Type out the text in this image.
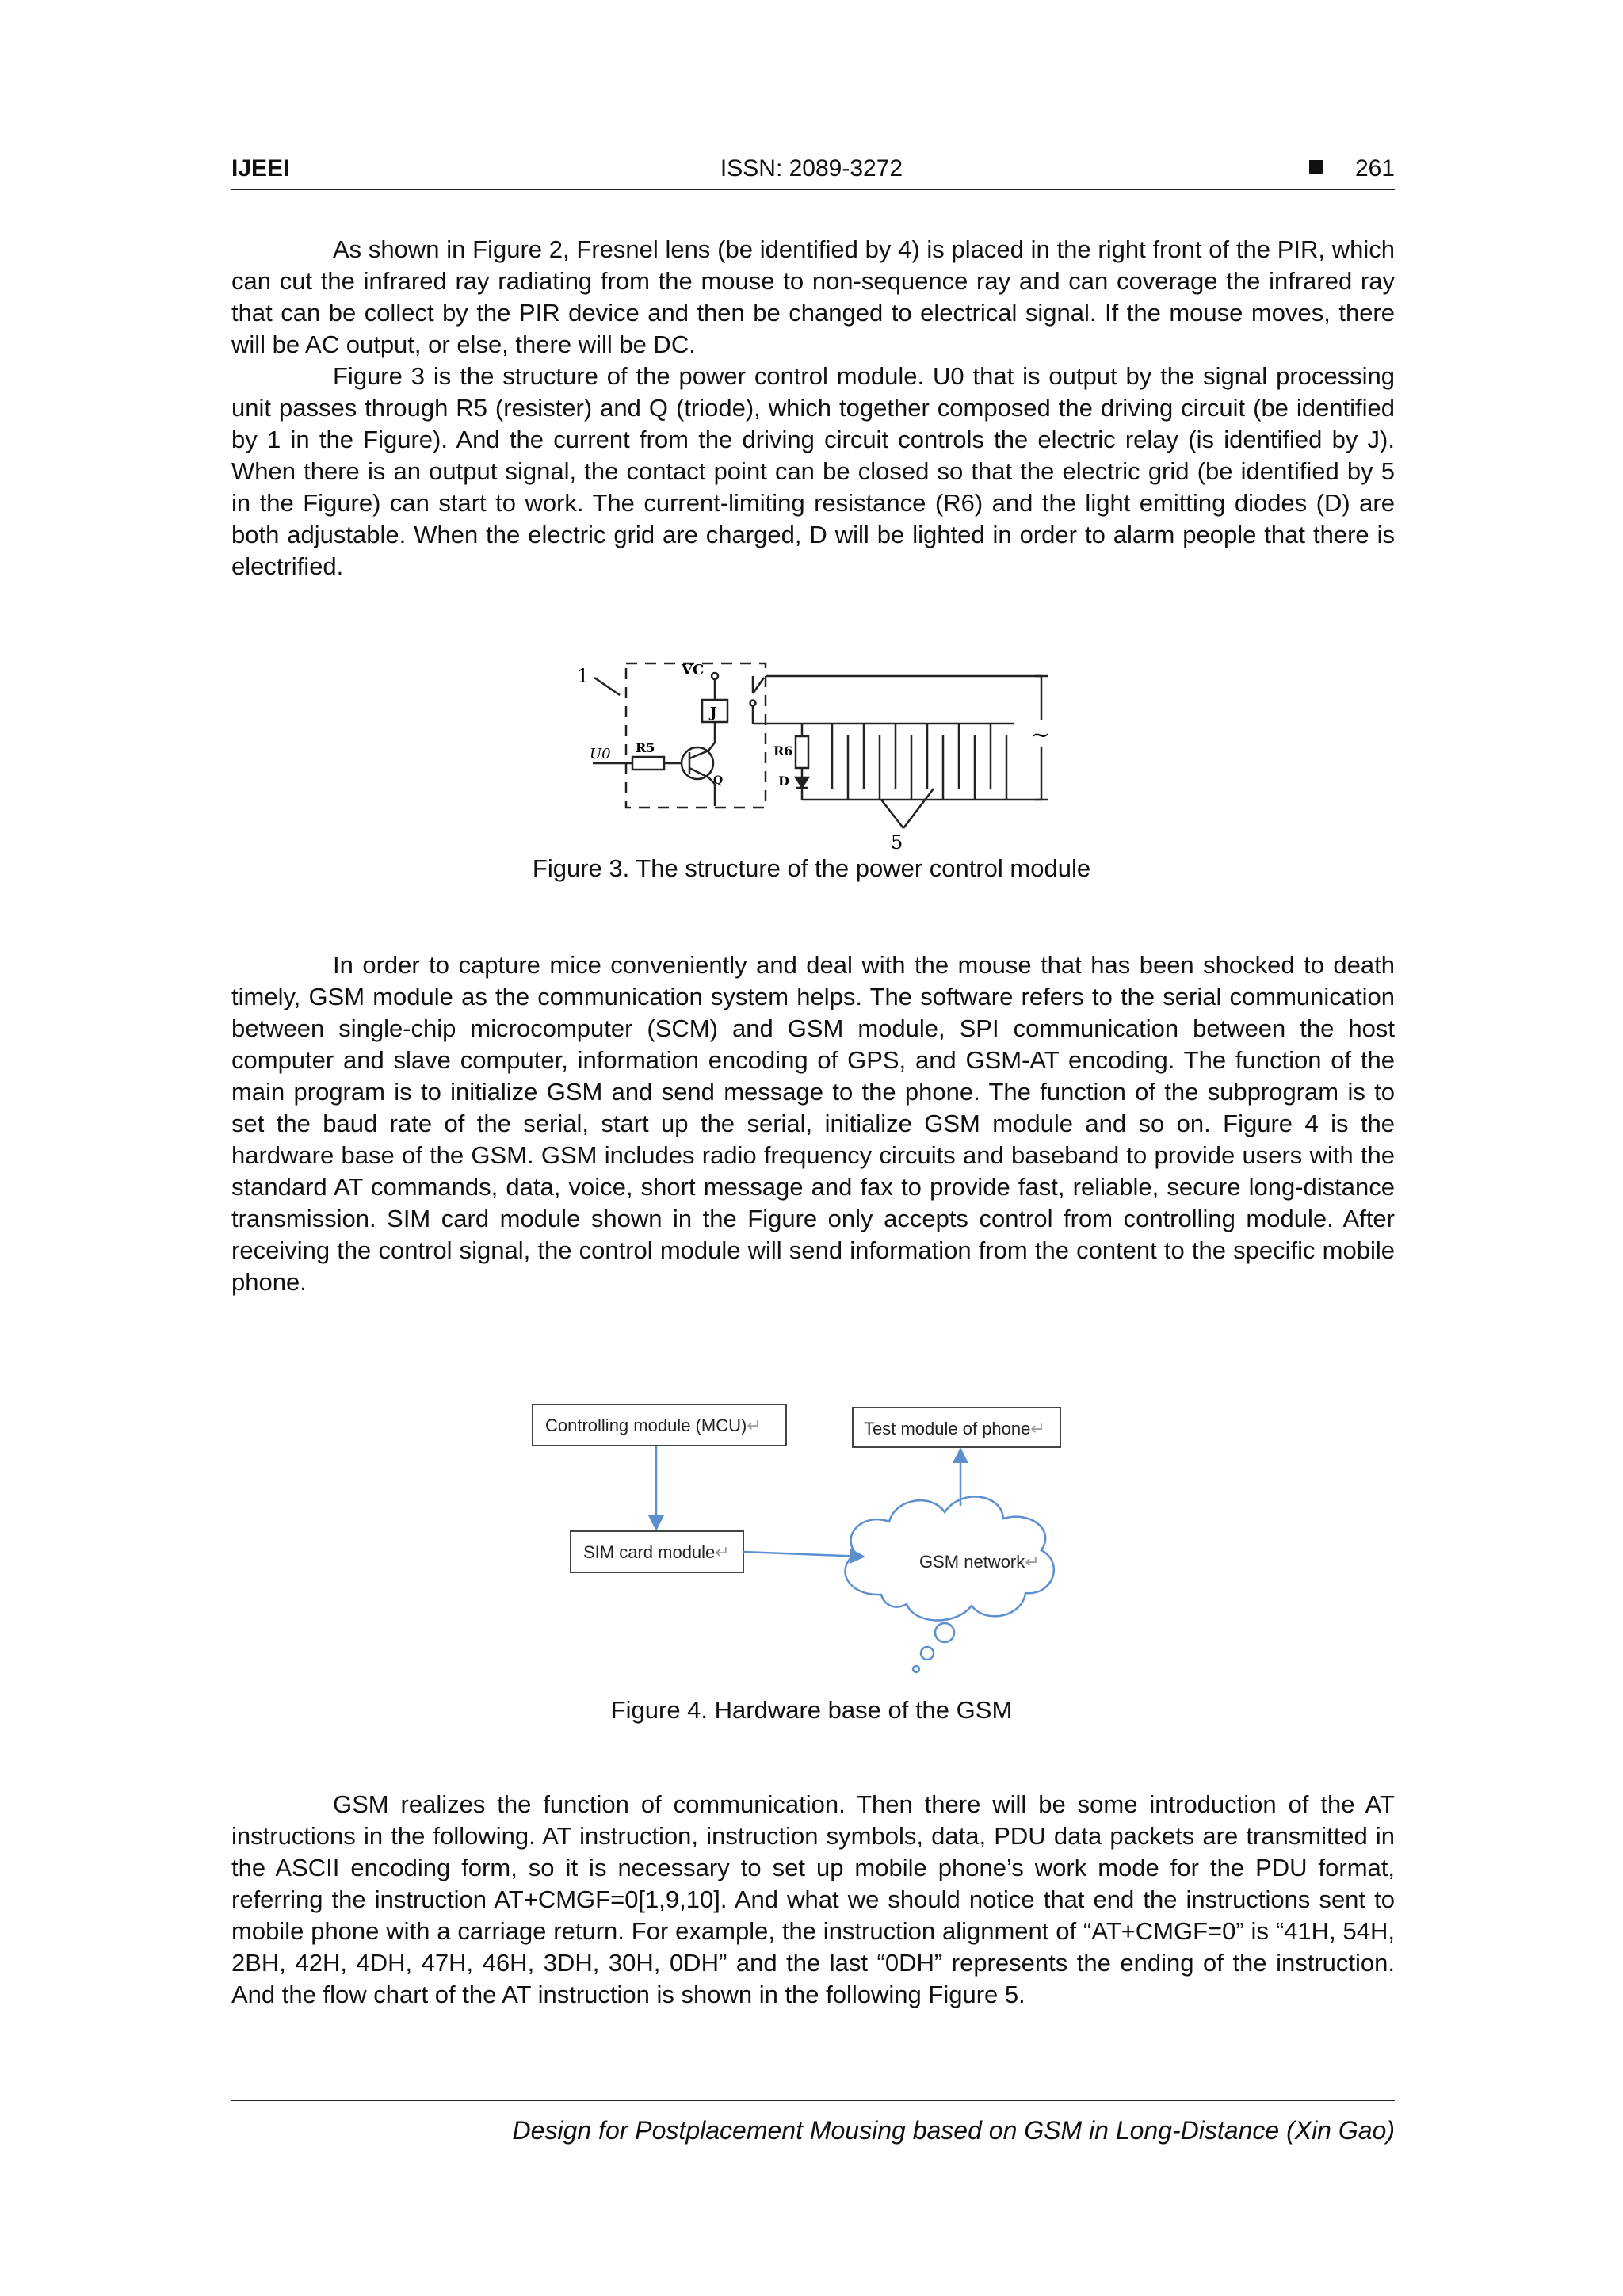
IJEEI	ISSN: 2089-3272	261

As shown in Figure 2, Fresnel lens (be identified by 4) is placed in the right front of the PIR, which can cut the infrared ray radiating from the mouse to non-sequence ray and can coverage the infrared ray that can be collect by the PIR device and then be changed to electrical signal. If the mouse moves, there will be AC output, or else, there will be DC.

Figure 3 is the structure of the power control module. U0 that is output by the signal processing unit passes through R5 (resister) and Q (triode), which together composed the driving circuit (be identified by 1 in the Figure). And the current from the driving circuit controls the electric relay (is identified by J). When there is an output signal, the contact point can be closed so that the electric grid (be identified by 5 in the Figure) can start to work. The current-limiting resistance (R6) and the light emitting diodes (D) are both adjustable. When the electric grid are charged, D will be lighted in order to alarm people that there is electrified.

1	VC
J
U0 R5
Q
R6
D
5
~
Figure 3. The structure of the power control module

In order to capture mice conveniently and deal with the mouse that has been shocked to death timely, GSM module as the communication system helps. The software refers to the serial communication between single-chip microcomputer (SCM) and GSM module, SPI communication between the host computer and slave computer, information encoding of GPS, and GSM-AT encoding. The function of the main program is to initialize GSM and send message to the phone. The function of the subprogram is to set the baud rate of the serial, start up the serial, initialize GSM module and so on. Figure 4 is the hardware base of the GSM. GSM includes radio frequency circuits and baseband to provide users with the standard AT commands, data, voice, short message and fax to provide fast, reliable, secure long-distance transmission. SIM card module shown in the Figure only accepts control from controlling module. After receiving the control signal, the control module will send information from the content to the specific mobile phone.

Controlling module (MCU)↵	Test module of phone↵
SIM card module↵	GSM network↵
Figure 4. Hardware base of the GSM

GSM realizes the function of communication. Then there will be some introduction of the AT instructions in the following. AT instruction, instruction symbols, data, PDU data packets are transmitted in the ASCII encoding form, so it is necessary to set up mobile phone’s work mode for the PDU format, referring the instruction AT+CMGF=0[1,9,10]. And what we should notice that end the instructions sent to mobile phone with a carriage return. For example, the instruction alignment of “AT+CMGF=0” is “41H, 54H, 2BH, 42H, 4DH, 47H, 46H, 3DH, 30H, 0DH” and the last “0DH” represents the ending of the instruction. And the flow chart of the AT instruction is shown in the following Figure 5.

Design for Postplacement Mousing based on GSM in Long-Distance (Xin Gao)
